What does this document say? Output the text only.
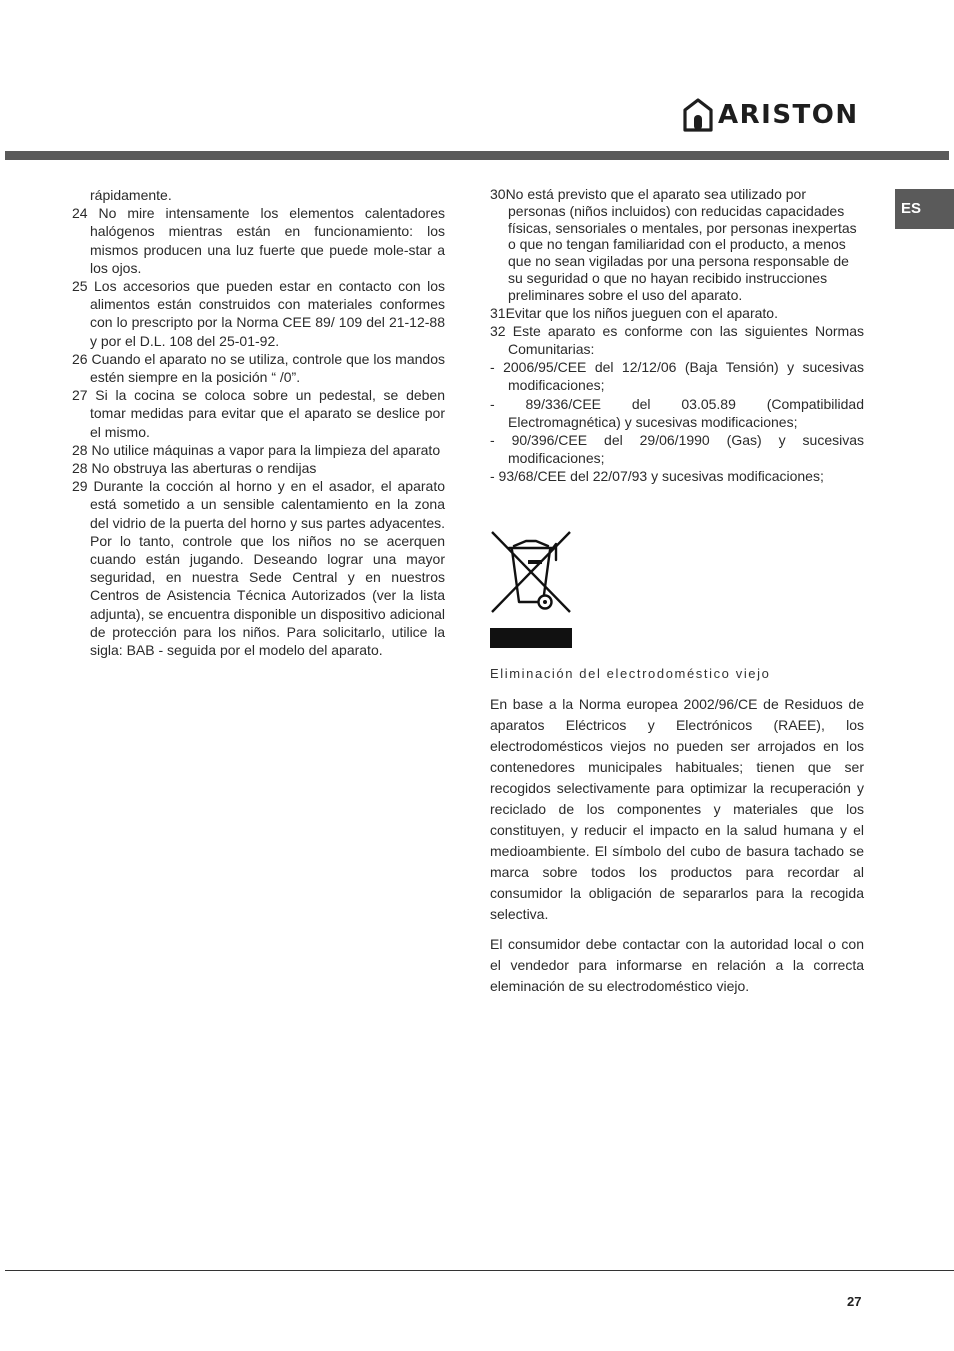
ARISTON
ES
rápidamente.
24 No mire intensamente los elementos calentadores halógenos mientras están en funcionamiento: los mismos producen una luz fuerte que puede mole-star a los ojos.
25 Los accesorios que pueden estar en contacto con los alimentos están construidos con materiales conformes con lo prescripto por la Norma CEE 89/ 109 del 21-12-88 y por el D.L. 108 del 25-01-92.
26 Cuando el aparato no se utiliza, controle que los mandos estén siempre en la posición “ /0”.
27 Si la cocina se coloca sobre un pedestal, se deben tomar medidas para evitar que el aparato se deslice por el mismo.
28 No utilice máquinas a vapor para la limpieza del aparato
28 No obstruya las aberturas o rendijas
29 Durante la cocción al horno y en el asador, el aparato está sometido a un sensible calentamiento en la zona del vidrio de la puerta del horno y sus partes adyacentes. Por lo tanto, controle que los niños no se acerquen cuando están jugando. Deseando lograr una mayor seguridad, en nuestra Sede Central y en nuestros Centros de Asistencia Técnica Autorizados (ver la lista adjunta), se encuentra disponible un dispositivo adicional de protección para los niños. Para solicitarlo, utilice la sigla: BAB - seguida por el modelo del aparato.
30No está previsto que el aparato sea utilizado por personas (niños incluidos) con reducidas capacidades físicas, sensoriales o mentales, por personas inexpertas o que no tengan familiaridad con el producto, a menos que no sean vigiladas por una persona responsable de su seguridad o que no hayan recibido instrucciones preliminares sobre el uso del aparato.
31Evitar que los niños jueguen con el aparato.
32 Este aparato es conforme con las siguientes Normas Comunitarias:
- 2006/95/CEE del 12/12/06 (Baja Tensión) y sucesivas modificaciones;
- 89/336/CEE del 03.05.89 (Compatibilidad Electromagnética) y sucesivas modificaciones;
- 90/396/CEE del 29/06/1990 (Gas) y sucesivas modificaciones;
- 93/68/CEE del 22/07/93 y sucesivas modificaciones;
Eliminación del electrodoméstico viejo
En base a la Norma europea 2002/96/CE de Residuos de aparatos Eléctricos y Electrónicos (RAEE), los electrodomésticos viejos no pueden ser arrojados en los contenedores municipales habituales; tienen que ser recogidos selectivamente para optimizar la recuperación y reciclado de los componentes y materiales que los constituyen, y reducir el impacto en la salud humana y el medioambiente. El símbolo del cubo de basura tachado se marca sobre todos los productos para recordar al consumidor la obligación de separarlos para la recogida selectiva.
El consumidor debe contactar con la autoridad local o con el vendedor para informarse en relación a la correcta eleminación de su electrodoméstico viejo.
27
